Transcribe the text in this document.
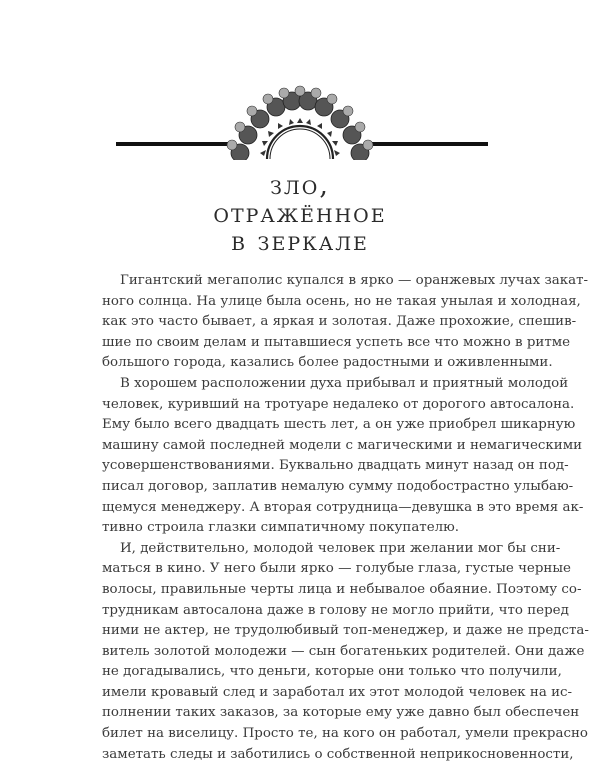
зло,
отражённое
в зеркале
Гигантский мегаполис купался в ярко — оранжевых лучах закат-
ного солнца. На улице была осень, но не такая унылая и холодная,
как это часто бывает, а яркая и золотая. Даже прохожие, спешив-
шие по своим делам и пытавшиеся успеть все что можно в ритме
большого города, казались более радостными и оживленными.
В хорошем расположении духа прибывал и приятный молодой
человек, куривший на тротуаре недалеко от дорогого автосалона.
Ему было всего двадцать шесть лет, а он уже приобрел шикарную
машину самой последней модели с магическими и немагическими
усовершенствованиями. Буквально двадцать минут назад он под-
писал договор, заплатив немалую сумму подобострастно улыбаю-
щемуся менеджеру. А вторая сотрудница—девушка в это время ак-
тивно строила глазки симпатичному покупателю.
И, действительно, молодой человек при желании мог бы сни-
маться в кино. У него были ярко — голубые глаза, густые черные
волосы, правильные черты лица и небывалое обаяние. Поэтому со-
трудникам автосалона даже в голову не могло прийти, что перед
ними не актер, не трудолюбивый топ-менеджер, и даже не предста-
витель золотой молодежи — сын богатеньких родителей. Они даже
не догадывались, что деньги, которые они только что получили,
имели кровавый след и заработал их этот молодой человек на ис-
полнении таких заказов, за которые ему уже давно был обеспечен
билет на виселицу. Просто те, на кого он работал, умели прекрасно
заметать следы и заботились о собственной неприкосновенности,
